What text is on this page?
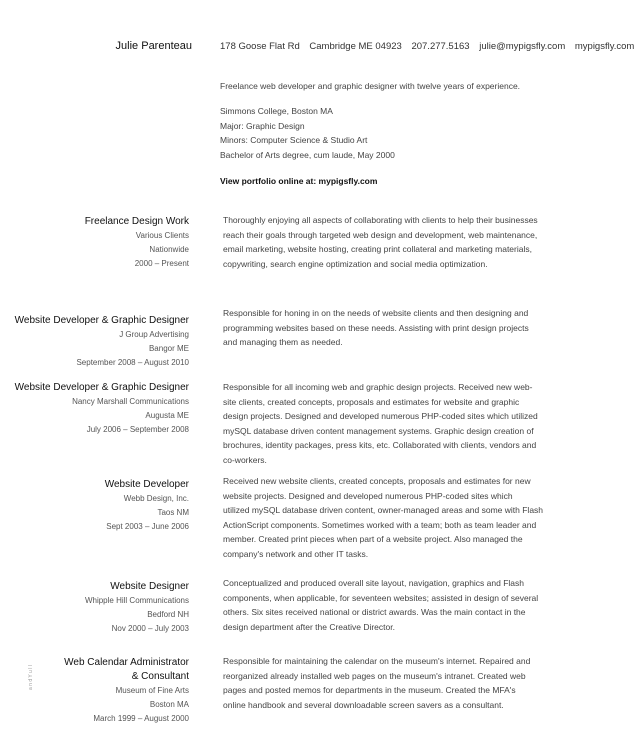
Julie Parenteau	178 Goose Flat Rd Cambridge ME 04923 207.277.5163 julie@mypigsfly.com mypigsfly.com
Freelance web developer and graphic designer with twelve years of experience.
Simmons College, Boston MA
Major: Graphic Design
Minors: Computer Science & Studio Art
Bachelor of Arts degree, cum laude, May 2000
View portfolio online at: mypigsfly.com
Freelance Design Work
Various Clients
Nationwide
2000 – Present
Thoroughly enjoying all aspects of collaborating with clients to help their businesses
reach their goals through targeted web design and development, web maintenance,
email marketing, website hosting, creating print collateral and marketing materials,
copywriting, search engine optimization and social media optimization.
Website Developer & Graphic Designer
J Group Advertising
Bangor ME
September 2008 – August 2010
Responsible for honing in on the needs of website clients and then designing and
programming websites based on these needs. Assisting with print design projects
and managing them as needed.
Website Developer & Graphic Designer
Nancy Marshall Communications
Augusta ME
July 2006 – September 2008
Responsible for all incoming web and graphic design projects. Received new web-
site clients, created concepts, proposals and estimates for website and graphic
design projects. Designed and developed numerous PHP-coded sites which utilized
mySQL database driven content management systems. Graphic design creation of
brochures, identity packages, press kits, etc. Collaborated with clients, vendors and
co-workers.
Website Developer
Webb Design, Inc.
Taos NM
Sept 2003 – June 2006
Received new website clients, created concepts, proposals and estimates for new
website projects. Designed and developed numerous PHP-coded sites which
utilized mySQL database driven content, owner-managed areas and some with Flash
ActionScript components. Sometimes worked with a team; both as team leader and
member. Created print pieces when part of a website project. Also managed the
company's network and other IT tasks.
Website Designer
Whipple Hill Communications
Bedford NH
Nov 2000 – July 2003
Conceptualized and produced overall site layout, navigation, graphics and Flash
components, when applicable, for seventeen websites; assisted in design of several
others. Six sites received national or district awards. Was the main contact in the
design department after the Creative Director.
Web Calendar Administrator
& Consultant
Museum of Fine Arts
Boston MA
March 1999 – August 2000
Responsible for maintaining the calendar on the museum's internet. Repaired and
reorganized already installed web pages on the museum's intranet. Created web
pages and posted memos for departments in the museum. Created the MFA's
online handbook and several downloadable screen savers as a consultant.
a n d Y u l l
